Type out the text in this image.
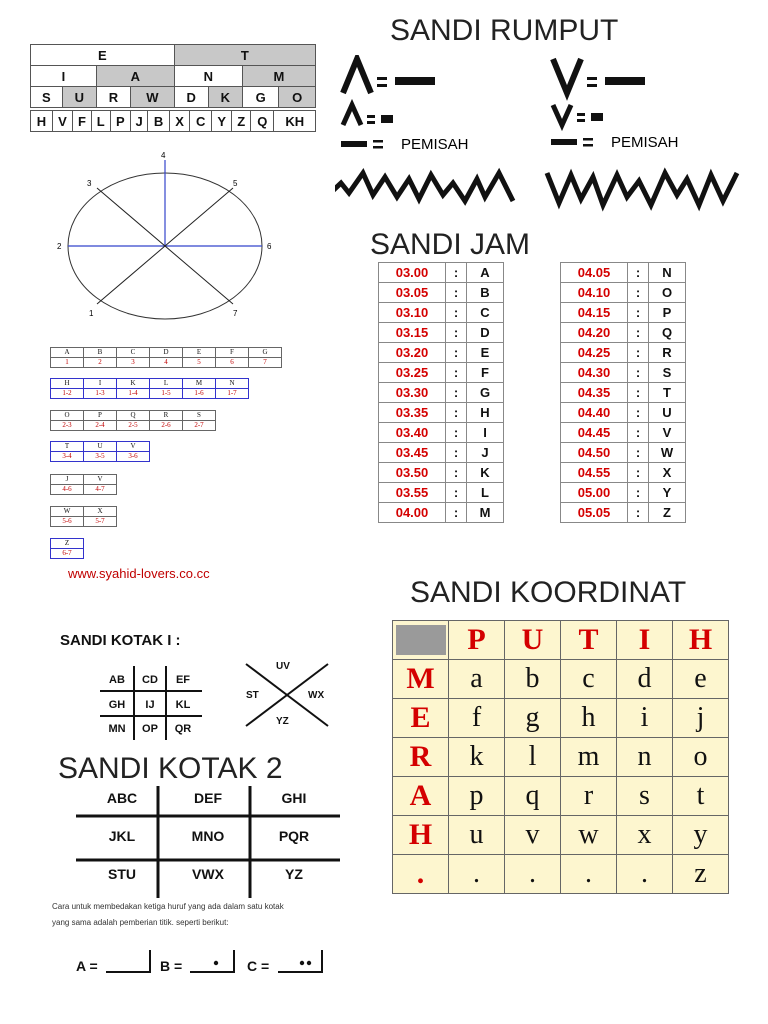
E				T			
I		A		N		M	
S	U	R	W	D	K	G	O
H	V	F	L	P	J	B	X	C	Y	Z	Q	KH
4
3	5
2	6
1	7
A	B	C	D	E	F	G
1	2	3	4	5	6	7
H	I	K	L	M	N
1-2	1-3	1-4	1-5	1-6	1-7
O	P	Q	R	S
2-3	2-4	2-5	2-6	2-7
T	U	V
3-4	3-5	3-6
J	V
4-6	4-7
W	X
5-6	5-7
Z
6-7
www.syahid-lovers.co.cc
SANDI RUMPUT
PEMISAH	PEMISAH
SANDI JAM
03.00	:	A
03.05	:	B
03.10	:	C
03.15	:	D
03.20	:	E
03.25	:	F
03.30	:	G
03.35	:	H
03.40	:	I
03.45	:	J
03.50	:	K
03.55	:	L
04.00	:	M
04.05	:	N
04.10	:	O
04.15	:	P
04.20	:	Q
04.25	:	R
04.30	:	S
04.35	:	T
04.40	:	U
04.45	:	V
04.50	:	W
04.55	:	X
05.00	:	Y
05.05	:	Z
SANDI KOORDINAT
	P	U	T	I	H
M	a	b	c	d	e
E	f	g	h	i	j
R	k	l	m	n	o
A	p	q	r	s	t
H	u	v	w	x	y
.	.	.	.	.	z
SANDI KOTAK I :
AB	CD	EF
GH	IJ	KL
MN	OP	QR
UV
ST	WX
YZ
SANDI KOTAK 2
ABC	DEF	GHI
JKL	MNO	PQR
STU	VWX	YZ
Cara untuk membedakan ketiga huruf yang ada dalam satu kotak
yang sama adalah pemberian titik. seperti berikut:
A =	B =	C =
